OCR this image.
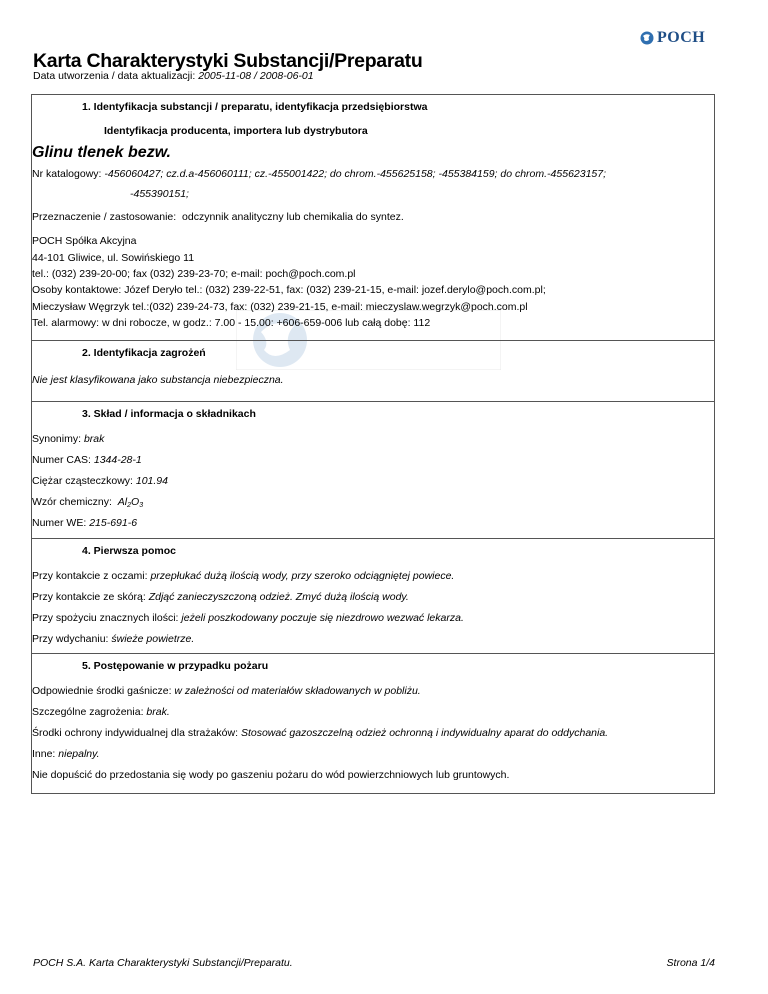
POCH
Karta Charakterystyki Substancji/Preparatu
Data utworzenia / data aktualizacji: 2005-11-08 / 2008-06-01
1. Identyfikacja substancji / preparatu, identyfikacja przedsiębiorstwa
Identyfikacja producenta, importera lub dystrybutora
Glinu tlenek bezw.
Nr katalogowy: -456060427; cz.d.a-456060111; cz.-455001422; do chrom.-455625158; -455384159; do chrom.-455623157;
-455390151;
Przeznaczenie / zastosowanie: odczynnik analityczny lub chemikalia do syntez.
POCH Spółka Akcyjna
44-101 Gliwice, ul. Sowińskiego 11
tel.: (032) 239-20-00; fax (032) 239-23-70; e-mail: poch@poch.com.pl
Osoby kontaktowe: Józef Deryło tel.: (032) 239-22-51, fax: (032) 239-21-15, e-mail: jozef.derylo@poch.com.pl;
Mieczysław Węgrzyk tel.:(032) 239-24-73, fax: (032) 239-21-15, e-mail: mieczyslaw.wegrzyk@poch.com.pl
Tel. alarmowy: w dni robocze, w godz.: 7.00 - 15.00: +606-659-006 lub całą dobę: 112
2. Identyfikacja zagrożeń
Nie jest klasyfikowana jako substancja niebezpieczna.
3. Skład / informacja o składnikach
Synonimy: brak
Numer CAS: 1344-28-1
Ciężar cząsteczkowy: 101.94
Wzór chemiczny: $Al_2O_3$
Numer WE: 215-691-6
4. Pierwsza pomoc
Przy kontakcie z oczami: przepłukać dużą ilością wody, przy szeroko odciągniętej powiece.
Przy kontakcie ze skórą: Zdjąć zanieczyszczoną odzież. Zmyć dużą ilością wody.
Przy spożyciu znacznych ilości: jeżeli poszkodowany poczuje się niezdrowo wezwać lekarza.
Przy wdychaniu: świeże powietrze.
5. Postępowanie w przypadku pożaru
Odpowiednie środki gaśnicze: w zależności od materiałów składowanych w pobliżu.
Szczególne zagrożenia: brak.
Środki ochrony indywidualnej dla strażaków: Stosować gazoszczelną odzież ochronną i indywidualny aparat do oddychania.
Inne: niepalny.
Nie dopuścić do przedostania się wody po gaszeniu pożaru do wód powierzchniowych lub gruntowych.
POCH S.A. Karta Charakterystyki Substancji/Preparatu.	Strona 1/4
